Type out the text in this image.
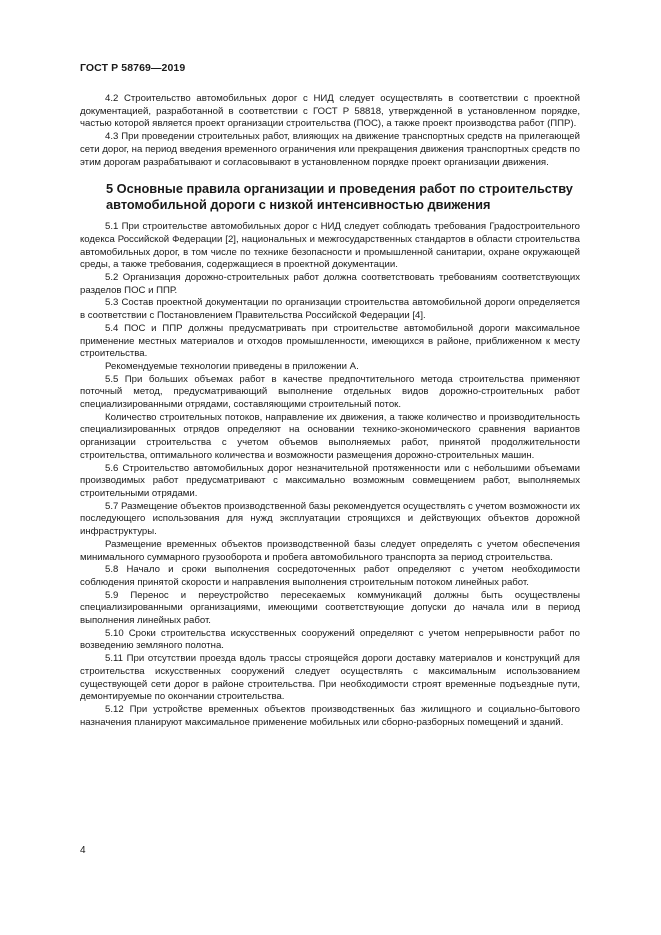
ГОСТ Р 58769—2019

4.2 Строительство автомобильных дорог с НИД следует осуществлять в соответствии с проектной документацией, разработанной в соответствии с ГОСТ Р 58818, утвержденной в установленном порядке, частью которой является проект организации строительства (ПОС), а также проект производства работ (ППР).

4.3 При проведении строительных работ, влияющих на движение транспортных средств на прилегающей сети дорог, на период введения временного ограничения или прекращения движения транспортных средств по этим дорогам разрабатывают и согласовывают в установленном порядке проект организации движения.

5 Основные правила организации и проведения работ по строительству автомобильной дороги с низкой интенсивностью движения

5.1 При строительстве автомобильных дорог с НИД следует соблюдать требования Градостроительного кодекса Российской Федерации [2], национальных и межгосударственных стандартов в области строительства автомобильных дорог, в том числе по технике безопасности и промышленной санитарии, охране окружающей среды, а также требования, содержащиеся в проектной документации.

5.2 Организация дорожно-строительных работ должна соответствовать требованиям соответствующих разделов ПОС и ППР.

5.3 Состав проектной документации по организации строительства автомобильной дороги определяется в соответствии с Постановлением Правительства Российской Федерации [4].

5.4 ПОС и ППР должны предусматривать при строительстве автомобильной дороги максимальное применение местных материалов и отходов промышленности, имеющихся в районе, приближенном к месту строительства.

Рекомендуемые технологии приведены в приложении А.

5.5 При больших объемах работ в качестве предпочтительного метода строительства применяют поточный метод, предусматривающий выполнение отдельных видов дорожно-строительных работ специализированными отрядами, составляющими строительный поток.

Количество строительных потоков, направление их движения, а также количество и производительность специализированных отрядов определяют на основании технико-экономического сравнения вариантов организации строительства с учетом объемов выполняемых работ, принятой продолжительности строительства, оптимального количества и возможности размещения дорожно-строительных машин.

5.6 Строительство автомобильных дорог незначительной протяженности или с небольшими объемами производимых работ предусматривают с максимально возможным совмещением работ, выполняемых строительными отрядами.

5.7 Размещение объектов производственной базы рекомендуется осуществлять с учетом возможности их последующего использования для нужд эксплуатации строящихся и действующих объектов дорожной инфраструктуры.

Размещение временных объектов производственной базы следует определять с учетом обеспечения минимального суммарного грузооборота и пробега автомобильного транспорта за период строительства.

5.8 Начало и сроки выполнения сосредоточенных работ определяют с учетом необходимости соблюдения принятой скорости и направления выполнения строительным потоком линейных работ.

5.9 Перенос и переустройство пересекаемых коммуникаций должны быть осуществлены специализированными организациями, имеющими соответствующие допуски до начала или в период выполнения линейных работ.

5.10 Сроки строительства искусственных сооружений определяют с учетом непрерывности работ по возведению земляного полотна.

5.11 При отсутствии проезда вдоль трассы строящейся дороги доставку материалов и конструкций для строительства искусственных сооружений следует осуществлять с максимальным использованием существующей сети дорог в районе строительства. При необходимости строят временные подъездные пути, демонтируемые по окончании строительства.

5.12 При устройстве временных объектов производственных баз жилищного и социально-бытового назначения планируют максимальное применение мобильных или сборно-разборных помещений и зданий.

4
